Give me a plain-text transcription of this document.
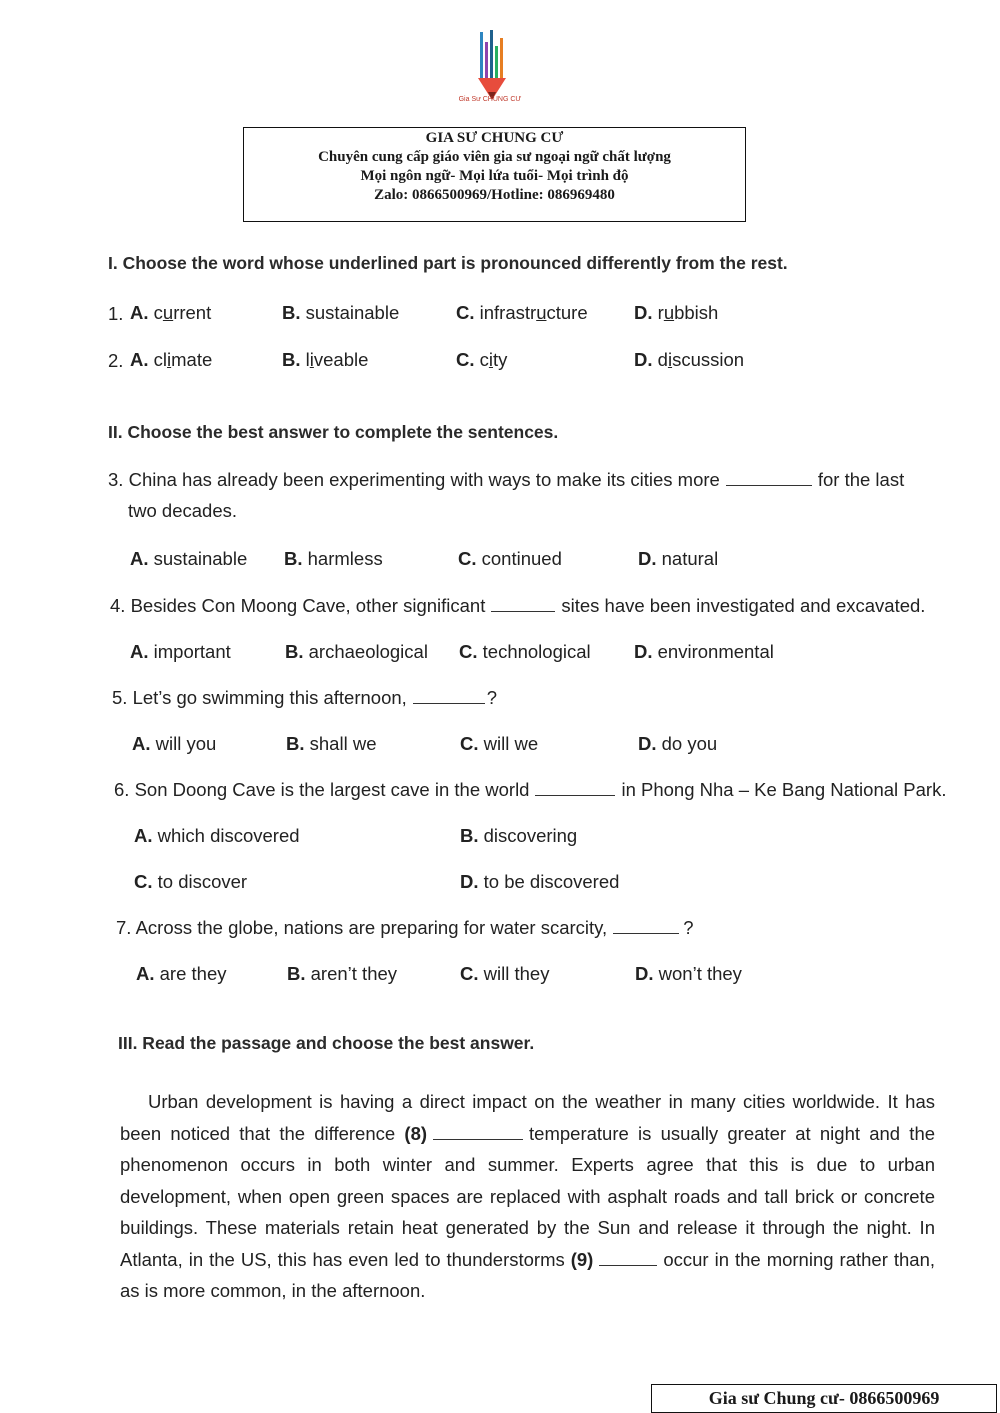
Gia Sư CHUNG CƯ
GIA SƯ CHUNG CƯ
Chuyên cung cấp giáo viên gia sư ngoại ngữ chất lượng
Mọi ngôn ngữ- Mọi lứa tuổi- Mọi trình độ
Zalo: 0866500969/Hotline: 086969480
I. Choose the word whose underlined part is pronounced differently from the rest.
1. A. current	B. sustainable	C. infrastructure	D. rubbish
2. A. climate	B. liveable	C. city	D. discussion
II. Choose the best answer to complete the sentences.
3. China has already been experimenting with ways to make its cities more	for the last
two decades.
A. sustainable B. harmless	C. continued	D. natural
4. Besides Con Moong Cave, other significant	sites have been investigated and excavated.
A. important	B. archaeological C. technological D. environmental
5. Let’s go swimming this afternoon,	?
A. will you	B. shall we	C. will we	D. do you
6. Son Doong Cave is the largest cave in the world	in Phong Nha – Ke Bang National Park.
A. which discovered	B. discovering
C. to discover	D. to be discovered
7. Across the globe, nations are preparing for water scarcity,	?
A. are they	B. aren’t they	C. will they	D. won’t they
III. Read the passage and choose the best answer.
Urban development is having a direct impact on the weather in many cities worldwide. It has been noticed that the difference (8)	temperature is usually greater at night and the phenomenon occurs in both winter and summer. Experts agree that this is due to urban development, when open green spaces are replaced with asphalt roads and tall brick or concrete buildings. These materials retain heat generated by the Sun and release it through the night. In Atlanta, in the US, this has even led to thunderstorms (9)	occur in the morning rather than, as is more common, in the afternoon.
Gia sư Chung cư- 0866500969
